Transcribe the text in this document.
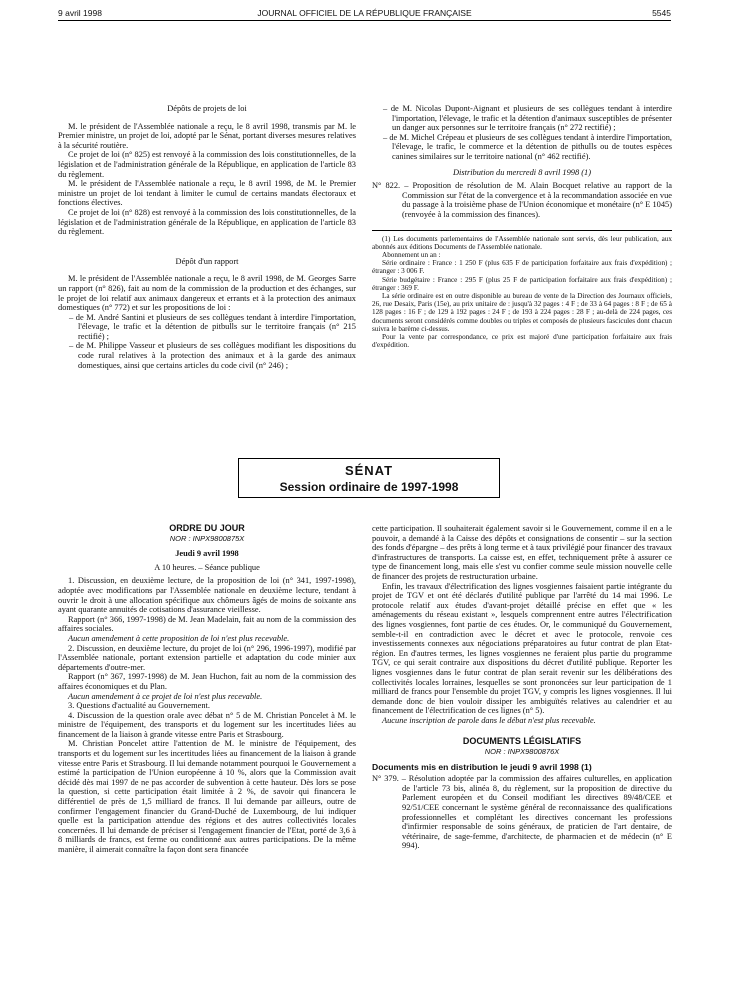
9 avril 1998	JOURNAL OFFICIEL DE LA RÉPUBLIQUE FRANÇAISE	5545

Dépôts de projets de loi

M. le président de l'Assemblée nationale a reçu, le 8 avril 1998, transmis par M. le Premier ministre, un projet de loi, adopté par le Sénat, portant diverses mesures relatives à la sécurité routière.

Ce projet de loi (n° 825) est renvoyé à la commission des lois constitutionnelles, de la législation et de l'administration générale de la République, en application de l'article 83 du règlement.

M. le président de l'Assemblée nationale a reçu, le 8 avril 1998, de M. le Premier ministre un projet de loi tendant à limiter le cumul de certains mandats électoraux et fonctions électives.

Ce projet de loi (n° 828) est renvoyé à la commission des lois constitutionnelles, de la législation et de l'administration générale de la République, en application de l'article 83 du règlement.

Dépôt d'un rapport

M. le président de l'Assemblée nationale a reçu, le 8 avril 1998, de M. Georges Sarre un rapport (n° 826), fait au nom de la commission de la production et des échanges, sur le projet de loi relatif aux animaux dangereux et errants et à la protection des animaux domestiques (n° 772) et sur les propositions de loi :

– de M. André Santini et plusieurs de ses collègues tendant à interdire l'importation, l'élevage, le trafic et la détention de pitbulls sur le territoire français (n° 215 rectifié) ;

– de M. Philippe Vasseur et plusieurs de ses collègues modifiant les dispositions du code rural relatives à la protection des animaux et à la garde des animaux domestiques, ainsi que certains articles du code civil (n° 246) ;

– de M. Nicolas Dupont-Aignant et plusieurs de ses collègues tendant à interdire l'importation, l'élevage, le trafic et la détention d'animaux susceptibles de présenter un danger aux personnes sur le territoire français (n° 272 rectifié) ;

– de M. Michel Crépeau et plusieurs de ses collègues tendant à interdire l'importation, l'élevage, le trafic, le commerce et la détention de pithulls ou de toutes espèces canines similaires sur le territoire national (n° 462 rectifié).

Distribution du mercredi 8 avril 1998 (1)

N° 822. – Proposition de résolution de M. Alain Bocquet relative au rapport de la Commission sur l'état de la convergence et à la recommandation associée en vue du passage à la troisième phase de l'Union économique et monétaire (n° E 1045) (renvoyée à la commission des finances).

(1) Les documents parlementaires de l'Assemblée nationale sont servis, dès leur publication, aux abonnés aux éditions Documents de l'Assemblée nationale.

Abonnement un an :

Série ordinaire : France : 1 250 F (plus 635 F de participation forfaitaire aux frais d'expédition) ; étranger : 3 006 F.

Série budgétaire : France : 295 F (plus 25 F de participation forfaitaire aux frais d'expédition) ; étranger : 369 F.

La série ordinaire est en outre disponible au bureau de vente de la Direction des Journaux officiels, 26, rue Desaix, Paris (15e), au prix unitaire de : jusqu'à 32 pages : 4 F ; de 33 à 64 pages : 8 F ; de 65 à 128 pages : 16 F ; de 129 à 192 pages : 24 F ; de 193 à 224 pages : 28 F ; au-delà de 224 pages, ces documents seront considérés comme doubles ou triples et composés de plusieurs fascicules dont chacun suivra le barème ci-dessus.

Pour la vente par correspondance, ce prix est majoré d'une participation forfaitaire aux frais d'expédition.

SÉNAT
Session ordinaire de 1997-1998

ORDRE DU JOUR

NOR : INPX9800875X

Jeudi 9 avril 1998

A 10 heures. – Séance publique

1. Discussion, en deuxième lecture, de la proposition de loi (n° 341, 1997-1998), adoptée avec modifications par l'Assemblée nationale en deuxième lecture, tendant à ouvrir le droit à une allocation spécifique aux chômeurs âgés de moins de soixante ans ayant quarante annuités de cotisations d'assurance vieillesse.

Rapport (n° 366, 1997-1998) de M. Jean Madelain, fait au nom de la commission des affaires sociales.

Aucun amendement à cette proposition de loi n'est plus recevable.

2. Discussion, en deuxième lecture, du projet de loi (n° 296, 1996-1997), modifié par l'Assemblée nationale, portant extension partielle et adaptation du code minier aux départements d'outre-mer.

Rapport (n° 367, 1997-1998) de M. Jean Huchon, fait au nom de la commission des affaires économiques et du Plan.

Aucun amendement à ce projet de loi n'est plus recevable.

3. Questions d'actualité au Gouvernement.

4. Discussion de la question orale avec débat n° 5 de M. Christian Poncelet à M. le ministre de l'équipement, des transports et du logement sur les incertitudes liées au financement de la liaison à grande vitesse entre Paris et Strasbourg.

M. Christian Poncelet attire l'attention de M. le ministre de l'équipement, des transports et du logement sur les incertitudes liées au financement de la liaison à grande vitesse entre Paris et Strasbourg. Il lui demande notamment pourquoi le Gouvernement a estimé la participation de l'Union européenne à 10 %, alors que la Commission avait décidé dès mai 1997 de ne pas accorder de subvention à cette hauteur. Dès lors se pose la question, si cette participation était limitée à 2 %, de savoir qui financera le différentiel de près de 1,5 milliard de francs. Il lui demande par ailleurs, outre de confirmer l'engagement financier du Grand-Duché de Luxembourg, de lui indiquer quelle est la participation attendue des régions et des autres collectivités locales concernées. Il lui demande de préciser si l'engagement financier de l'Etat, porté de 3,6 à 8 milliards de francs, est ferme ou conditionné aux autres participations. De la même manière, il aimerait connaître la façon dont sera financée

cette participation. Il souhaiterait également savoir si le Gouvernement, comme il en a le pouvoir, a demandé à la Caisse des dépôts et consignations de consentir – sur la section des fonds d'épargne – des prêts à long terme et à taux privilégié pour financer des travaux d'infrastructures de transports. La caisse est, en effet, techniquement prête à assurer ce type de financement long, mais elle s'est vu confier comme seule mission nouvelle celle de financer des projets de restructuration urbaine.

Enfin, les travaux d'électrification des lignes vosgiennes faisaient partie intégrante du projet de TGV et ont été déclarés d'utilité publique par l'arrêté du 14 mai 1996. Le protocole relatif aux études d'avant-projet détaillé précise en effet que « les aménagements du réseau existant », lesquels comprennent entre autres l'électrification des lignes vosgiennes, font partie de ces études. Or, le communiqué du Gouvernement, semble-t-il en contradiction avec le décret et avec le protocole, renvoie ces investissements connexes aux négociations préparatoires au futur contrat de plan Etat-région. En d'autres termes, les lignes vosgiennes ne feraient plus partie du programme TGV, ce qui serait contraire aux dispositions du décret d'utilité publique. Reporter les lignes vosgiennes dans le futur contrat de plan serait revenir sur les délibérations des collectivités locales lorraines, lesquelles se sont prononcées sur leur participation de 1 milliard de francs pour l'ensemble du projet TGV, y compris les lignes vosgiennes. Il lui demande donc de bien vouloir dissiper les ambiguïtés relatives au calendrier et au financement de l'électrification de ces lignes (n° 5).

Aucune inscription de parole dans le débat n'est plus recevable.

DOCUMENTS LÉGISLATIFS

NOR : INPX9800876X

Documents mis en distribution le jeudi 9 avril 1998 (1)

N° 379. – Résolution adoptée par la commission des affaires culturelles, en application de l'article 73 bis, alinéa 8, du règlement, sur la proposition de directive du Parlement européen et du Conseil modifiant les directives 89/48/CEE et 92/51/CEE concernant le système général de reconnaissance des qualifications professionnelles et complétant les directives concernant les professions d'infirmier responsable de soins généraux, de praticien de l'art dentaire, de vétérinaire, de sage-femme, d'architecte, de pharmacien et de médecin (n° E 994).
